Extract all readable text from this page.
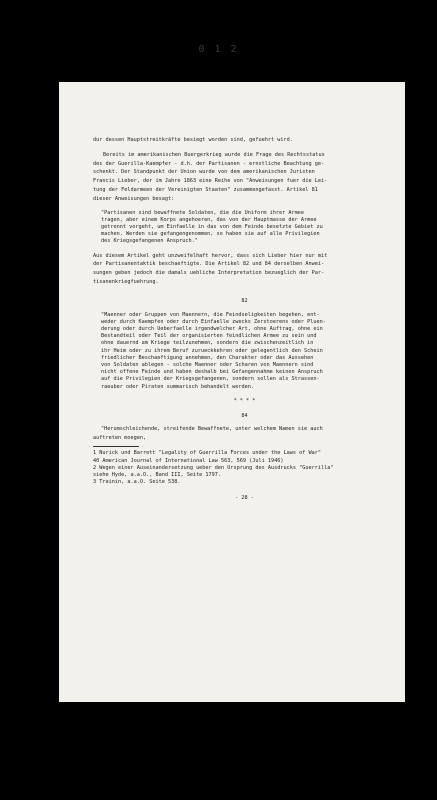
0 1 2
dur dessen Hauptstreitkräfte besiegt worden sind, gefuehrt wird.
Bereits im amerikanischen Buergerkrieg wurde die Frage des Rechtsstatus
des der Guerilla-Kaempfer - d.h. der Partisanen - ernstliche Beachtung ge-
schenkt. Der Standpunkt der Union wurde von dem amerikanischen Juristen
Francis Lieber, der im Jahre 1863 eine Reihe von "Anweisungen fuer die Lei-
tung der Feldarmeen der Vereinigten Staaten" zusammengefasst. Artikel 81
dieser Anweisungen besagt:
"Partisanen sind bewaffnete Soldaten, die die Uniform ihrer Armee
tragen, aber einem Korps angehoeren, das von der Hauptmasse der Armee
getrennt vorgeht, um Einfaelle in das von dem Feinde besetzte Gebiet zu
machen. Werden sie gefangengenommen, so haben sie auf alle Privilegien
des Kriegsgefangenen Anspruch."
Aus diesem Artikel geht unzweifelhaft hervor, dass sich Lieber hier nur mit
der Partisanentaktik beschaeftigte. Die Artikel 82 und 84 derselben Anwei-
sungen geben jedoch die damals uebliche Interpretation bezueglich der Par-
tisanenkriegfuehrung.
82
"Maenner oder Gruppen von Maennern, die Feindseligkeiten begehen, ent-
weder durch Kaempfen oder durch Einfaelle zwecks Zerstoerens oder Pluen-
derung oder durch Ueberfaelle irgendwelcher Art, ohne Auftrag, ohne ein
Bestandteil oder Teil der organisierten feindlichen Armee zu sein und
ohne dauernd am Kriege teilzunehmen, sondern die zwischenzeitlich in
ihr Heim oder zu ihrem Beruf zurueckkehren oder gelegentlich den Schein
friedlicher Beschaeftigung annehmen, den Charakter oder das Aussehen
von Soldaten ablegen - solche Maenner oder Scharen von Maennern sind
nicht offene Feinde und haben deshalb bei Gefangennahme keinen Anspruch
auf die Privilegien der Kriegsgefangenen, sondern sollen als Strassen-
raeuber oder Piraten summarisch behandelt werden.
* * * *
84
"Herumschleichende, streifende Bewaffnete, unter welchem Namen sie auch
auftreten moegen,
1 Nurick und Barrett "Legality of Guerrilla Forces under the Laws of War"
40 American Journal of International Law 563, 569 (Juli 1946)
2 Wegen einer Auseinandersetzung ueber den Ursprung des Ausdrucks "Guerrilla"
siehe Hyde, a.a.O., Band III, Seite 1797.
3 Trainin, a.a.O. Seite 538.
- 28 -
